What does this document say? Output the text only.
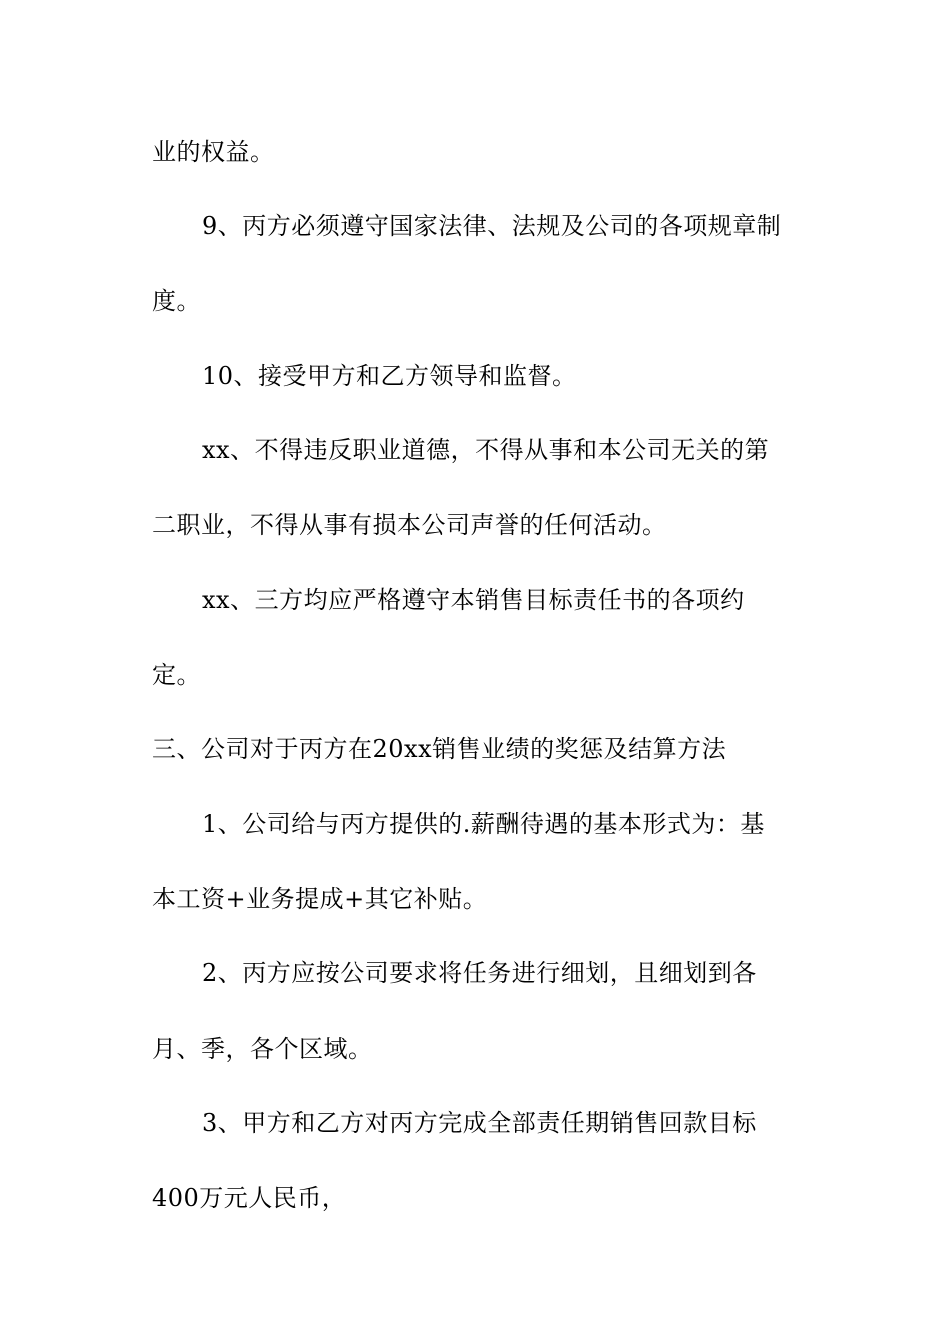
业的权益。
9、丙方必须遵守国家法律、法规及公司的各项规章制
度。
10、接受甲方和乙方领导和监督。
xx、不得违反职业道德，不得从事和本公司无关的第
二职业，不得从事有损本公司声誉的任何活动。
xx、三方均应严格遵守本销售目标责任书的各项约
定。
三、公司对于丙方在20xx销售业绩的奖惩及结算方法
1、公司给与丙方提供的.薪酬待遇的基本形式为：基
本工资+业务提成+其它补贴。
2、丙方应按公司要求将任务进行细划，且细划到各
月、季，各个区域。
3、甲方和乙方对丙方完成全部责任期销售回款目标
400万元人民币，
